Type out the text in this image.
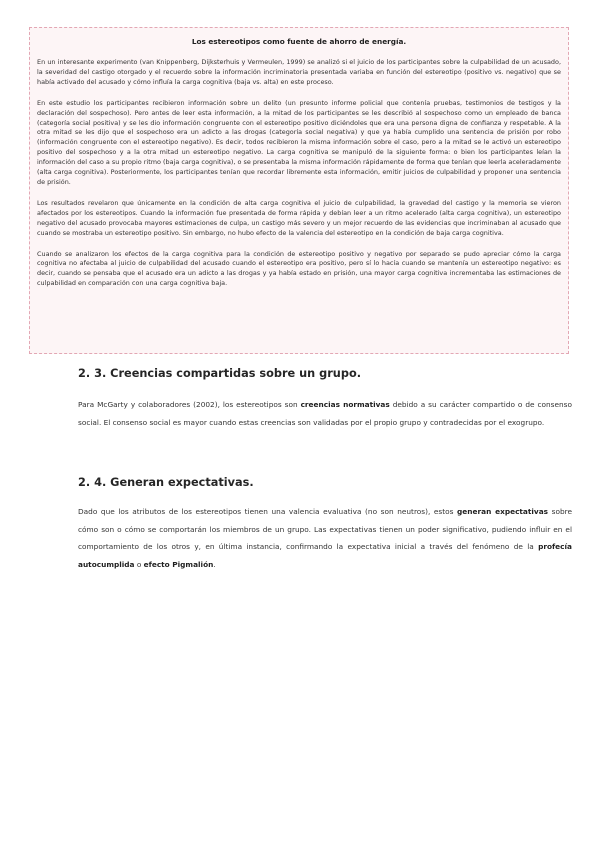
Los estereotipos como fuente de ahorro de energía.

En un interesante experimento (van Knippenberg, Dijksterhuis y Vermeulen, 1999) se analizó si el juicio de los participantes sobre la culpabilidad de un acusado, la severidad del castigo otorgado y el recuerdo sobre la información incriminatoria presentada variaba en función del estereotipo (positivo vs. negativo) que se había activado del acusado y cómo influía la carga cognitiva (baja vs. alta) en este proceso.

En este estudio los participantes recibieron información sobre un delito (un presunto informe policial que contenía pruebas, testimonios de testigos y la declaración del sospechoso). Pero antes de leer esta información, a la mitad de los participantes se les describió al sospechoso como un empleado de banca (categoría social positiva) y se les dio información congruente con el estereotipo positivo diciéndoles que era una persona digna de confianza y respetable. A la otra mitad se les dijo que el sospechoso era un adicto a las drogas (categoría social negativa) y que ya había cumplido una sentencia de prisión por robo (información congruente con el estereotipo negativo). Es decir, todos recibieron la misma información sobre el caso, pero a la mitad se le activó un estereotipo positivo del sospechoso y a la otra mitad un estereotipo negativo. La carga cognitiva se manipuló de la siguiente forma: o bien los participantes leían la información del caso a su propio ritmo (baja carga cognitiva), o se presentaba la misma información rápidamente de forma que tenían que leerla aceleradamente (alta carga cognitiva). Posteriormente, los participantes tenían que recordar libremente esta información, emitir juicios de culpabilidad y proponer una sentencia de prisión.

Los resultados revelaron que únicamente en la condición de alta carga cognitiva el juicio de culpabilidad, la gravedad del castigo y la memoria se vieron afectados por los estereotipos. Cuando la información fue presentada de forma rápida y debían leer a un ritmo acelerado (alta carga cognitiva), un estereotipo negativo del acusado provocaba mayores estimaciones de culpa, un castigo más severo y un mejor recuerdo de las evidencias que incriminaban al acusado que cuando se mostraba un estereotipo positivo. Sin embargo, no hubo efecto de la valencia del estereotipo en la condición de baja carga cognitiva.

Cuando se analizaron los efectos de la carga cognitiva para la condición de estereotipo positivo y negativo por separado se pudo apreciar cómo la carga cognitiva no afectaba al juicio de culpabilidad del acusado cuando el estereotipo era positivo, pero sí lo hacía cuando se mantenía un estereotipo negativo: es decir, cuando se pensaba que el acusado era un adicto a las drogas y ya había estado en prisión, una mayor carga cognitiva incrementaba las estimaciones de culpabilidad en comparación con una carga cognitiva baja.

2. 3. Creencias compartidas sobre un grupo.

Para McGarty y colaboradores (2002), los estereotipos son creencias normativas debido a su carácter compartido o de consenso social. El consenso social es mayor cuando estas creencias son validadas por el propio grupo y contradecidas por el exogrupo.

2. 4. Generan expectativas.

Dado que los atributos de los estereotipos tienen una valencia evaluativa (no son neutros), estos generan expectativas sobre cómo son o cómo se comportarán los miembros de un grupo. Las expectativas tienen un poder significativo, pudiendo influir en el comportamiento de los otros y, en última instancia, confirmando la expectativa inicial a través del fenómeno de la profecía autocumplida o efecto Pigmalión.
